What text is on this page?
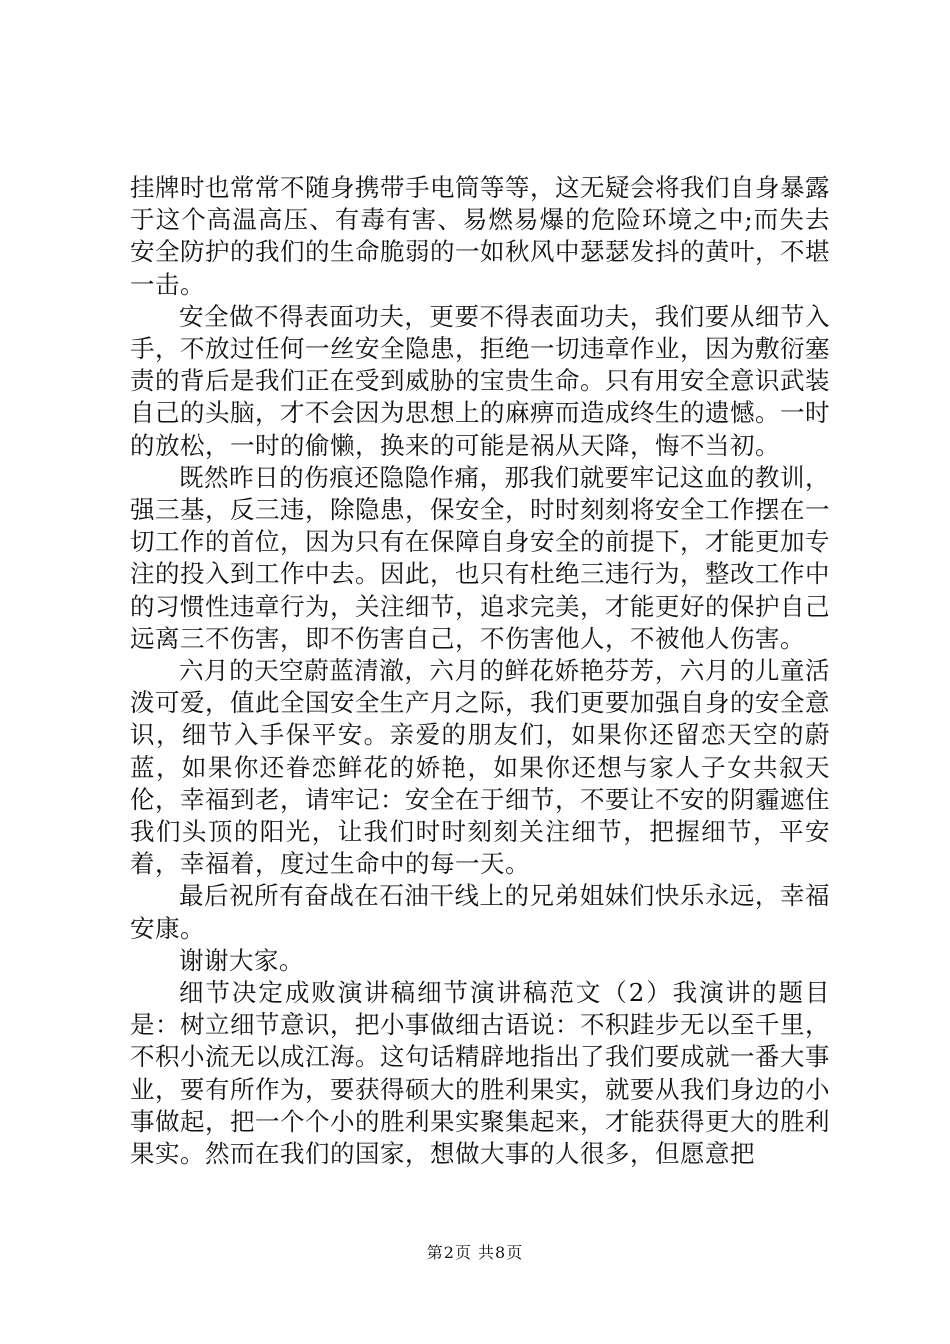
挂牌时也常常不随身携带手电筒等等，这无疑会将我们自身暴露于这个高温高压、有毒有害、易燃易爆的危险环境之中;而失去安全防护的我们的生命脆弱的一如秋风中瑟瑟发抖的黄叶，不堪一击。

安全做不得表面功夫，更要不得表面功夫，我们要从细节入手，不放过任何一丝安全隐患，拒绝一切违章作业，因为敷衍塞责的背后是我们正在受到威胁的宝贵生命。只有用安全意识武装自己的头脑，才不会因为思想上的麻痹而造成终生的遗憾。一时的放松，一时的偷懒，换来的可能是祸从天降，悔不当初。

既然昨日的伤痕还隐隐作痛，那我们就要牢记这血的教训，强三基，反三违，除隐患，保安全，时时刻刻将安全工作摆在一切工作的首位，因为只有在保障自身安全的前提下，才能更加专注的投入到工作中去。因此，也只有杜绝三违行为，整改工作中的习惯性违章行为，关注细节，追求完美，才能更好的保护自己远离三不伤害，即不伤害自己，不伤害他人，不被他人伤害。

六月的天空蔚蓝清澈，六月的鲜花娇艳芬芳，六月的儿童活泼可爱，值此全国安全生产月之际，我们更要加强自身的安全意识，细节入手保平安。亲爱的朋友们，如果你还留恋天空的蔚蓝，如果你还眷恋鲜花的娇艳，如果你还想与家人子女共叙天伦，幸福到老，请牢记：安全在于细节，不要让不安的阴霾遮住我们头顶的阳光，让我们时时刻刻关注细节，把握细节，平安着，幸福着，度过生命中的每一天。

最后祝所有奋战在石油干线上的兄弟姐妹们快乐永远，幸福安康。

谢谢大家。

细节决定成败演讲稿细节演讲稿范文（2）我演讲的题目是：树立细节意识，把小事做细古语说：不积跬步无以至千里，不积小流无以成江海。这句话精辟地指出了我们要成就一番大事业，要有所作为，要获得硕大的胜利果实，就要从我们身边的小事做起，把一个个小的胜利果实聚集起来，才能获得更大的胜利果实。然而在我们的国家，想做大事的人很多，但愿意把

第2页 共8页
